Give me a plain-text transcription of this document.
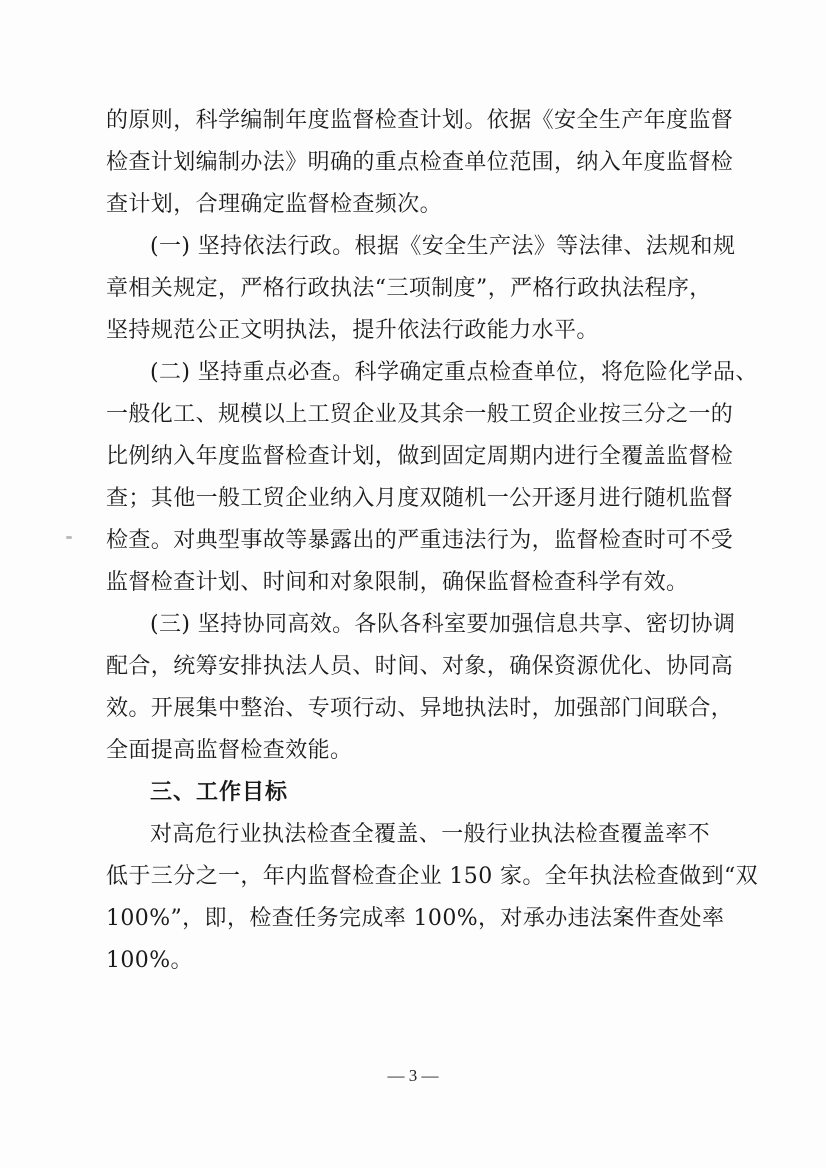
的原则，科学编制年度监督检查计划。依据《安全生产年度监督
检查计划编制办法》明确的重点检查单位范围，纳入年度监督检
查计划，合理确定监督检查频次。

(一) 坚持依法行政。根据《安全生产法》等法律、法规和规
章相关规定，严格行政执法“三项制度”，严格行政执法程序，
坚持规范公正文明执法，提升依法行政能力水平。

(二) 坚持重点必查。科学确定重点检查单位，将危险化学品、
一般化工、规模以上工贸企业及其余一般工贸企业按三分之一的
比例纳入年度监督检查计划，做到固定周期内进行全覆盖监督检
查；其他一般工贸企业纳入月度双随机一公开逐月进行随机监督
检查。对典型事故等暴露出的严重违法行为，监督检查时可不受
监督检查计划、时间和对象限制，确保监督检查科学有效。

(三) 坚持协同高效。各队各科室要加强信息共享、密切协调
配合，统筹安排执法人员、时间、对象，确保资源优化、协同高
效。开展集中整治、专项行动、异地执法时，加强部门间联合，
全面提高监督检查效能。

三、工作目标

对高危行业执法检查全覆盖、一般行业执法检查覆盖率不
低于三分之一，年内监督检查企业 150 家。全年执法检查做到“双
100%”，即，检查任务完成率 100%，对承办违法案件查处率
100%。

— 3 —
